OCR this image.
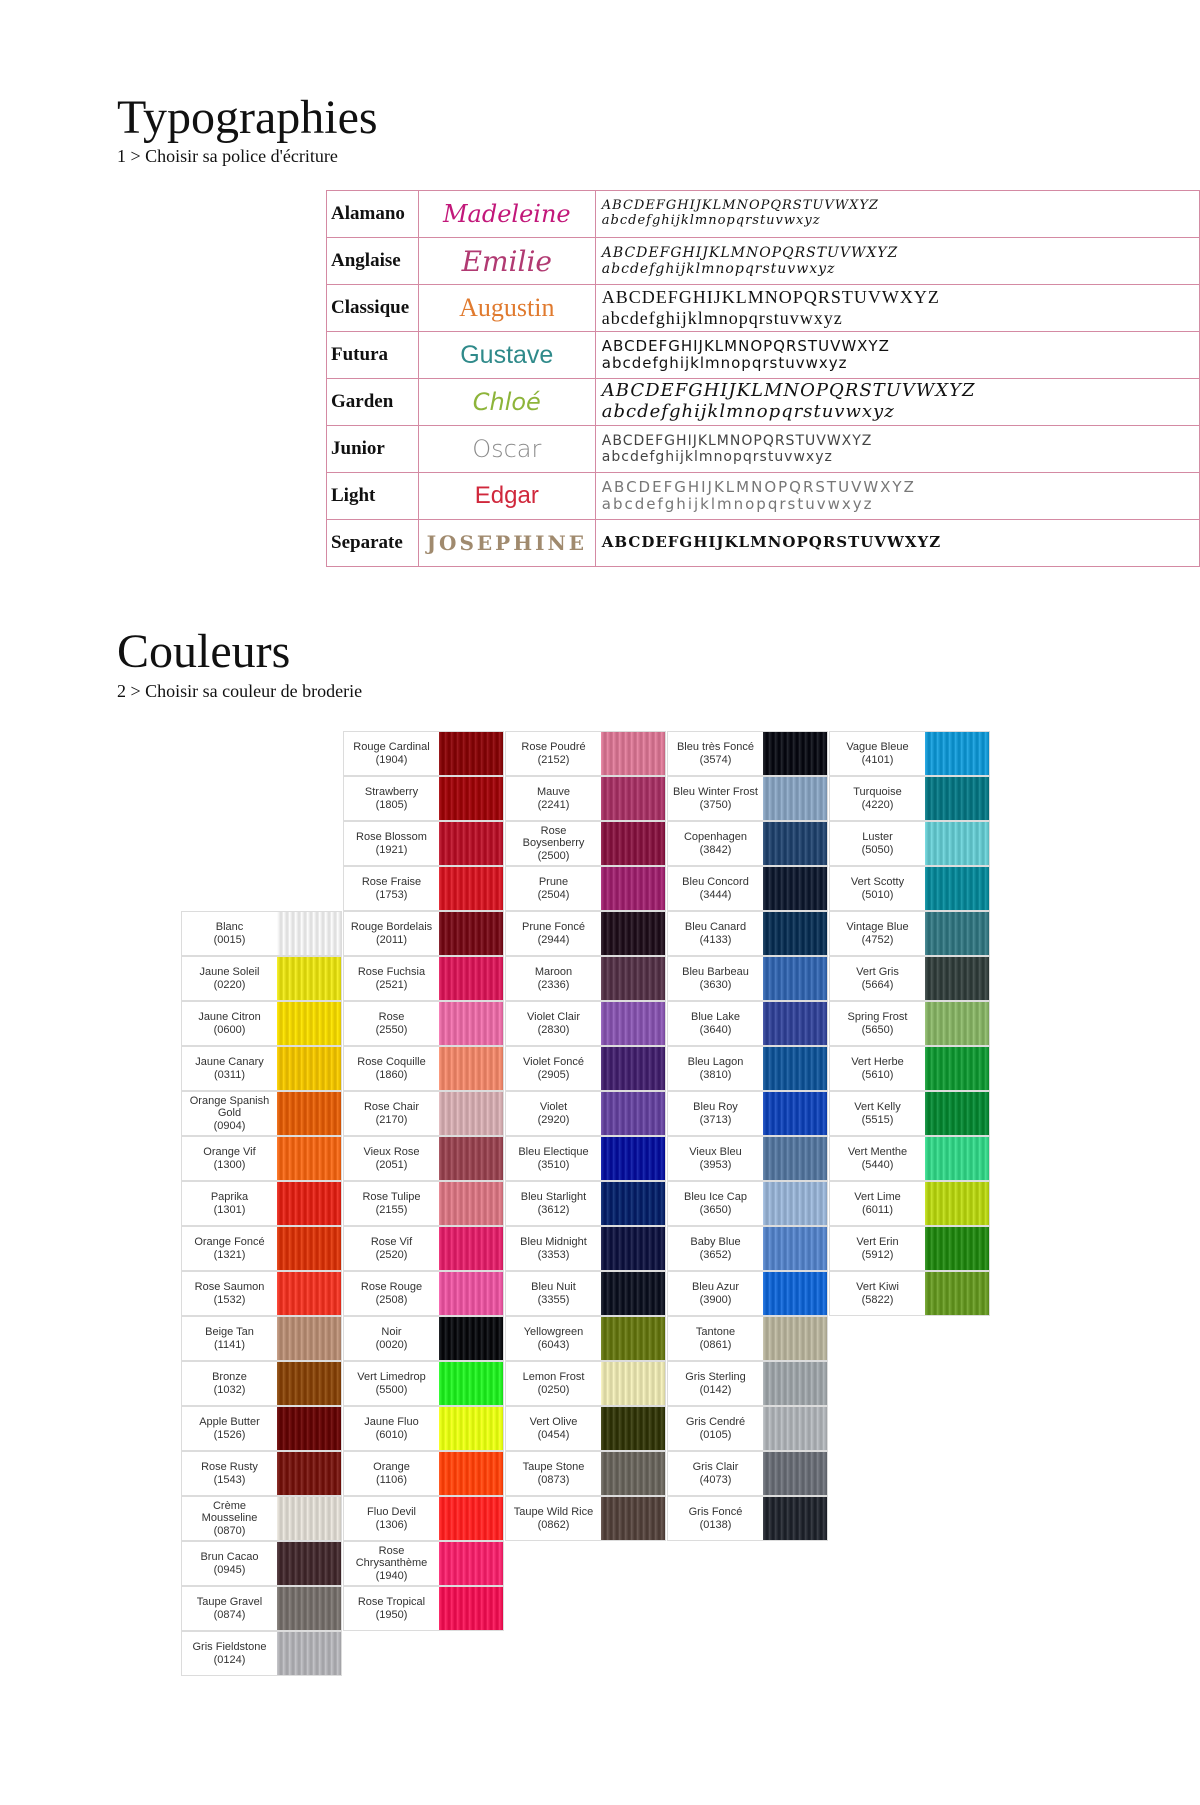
Typographies
1 > Choisir sa police d'écriture
Alamano	Madeleine	ABCDEFGHIJKLMNOPQRSTUVWXYZ
abcdefghijklmnopqrstuvwxyz

Anglaise	Emilie	ABCDEFGHIJKLMNOPQRSTUVWXYZ
abcdefghijklmnopqrstuvwxyz

Classique	Augustin	ABCDEFGHIJKLMNOPQRSTUVWXYZ
abcdefghijklmnopqrstuvwxyz

Futura	Gustave	ABCDEFGHIJKLMNOPQRSTUVWXYZ
abcdefghijklmnopqrstuvwxyz

Garden	Chloé	ABCDEFGHIJKLMNOPQRSTUVWXYZ
abcdefghijklmnopqrstuvwxyz

Junior	Oscar	ABCDEFGHIJKLMNOPQRSTUVWXYZ
abcdefghijklmnopqrstuvwxyz

Light	Edgar	ABCDEFGHIJKLMNOPQRSTUVWXYZ
abcdefghijklmnopqrstuvwxyz

Separate	JOSEPHINE	ABCDEFGHIJKLMNOPQRSTUVWXYZ
Couleurs
2 > Choisir sa couleur de broderie
Blanc
(0015)
Jaune Soleil
(0220)
Jaune Citron
(0600)
Jaune Canary
(0311)
Orange Spanish Gold
(0904)
Orange Vif
(1300)
Paprika
(1301)
Orange Foncé
(1321)
Rose Saumon
(1532)
Beige Tan
(1141)
Bronze
(1032)
Apple Butter
(1526)
Rose Rusty
(1543)
Crème Mousseline
(0870)
Brun Cacao
(0945)
Taupe Gravel
(0874)
Gris Fieldstone
(0124)
Rouge Cardinal
(1904)
Strawberry
(1805)
Rose Blossom
(1921)
Rose Fraise
(1753)
Rouge Bordelais
(2011)
Rose Fuchsia
(2521)
Rose
(2550)
Rose Coquille
(1860)
Rose Chair
(2170)
Vieux Rose
(2051)
Rose Tulipe
(2155)
Rose Vif
(2520)
Rose Rouge
(2508)
Noir
(0020)
Vert Limedrop
(5500)
Jaune Fluo
(6010)
Orange
(1106)
Fluo Devil
(1306)
Rose Chrysanthème
(1940)
Rose Tropical
(1950)
Rose Poudré
(2152)
Mauve
(2241)
Rose Boysenberry
(2500)
Prune
(2504)
Prune Foncé
(2944)
Maroon
(2336)
Violet Clair
(2830)
Violet Foncé
(2905)
Violet
(2920)
Bleu Electique
(3510)
Bleu Starlight
(3612)
Bleu Midnight
(3353)
Bleu Nuit
(3355)
Yellowgreen
(6043)
Lemon Frost
(0250)
Vert Olive
(0454)
Taupe Stone
(0873)
Taupe Wild Rice
(0862)
Bleu très Foncé
(3574)
Bleu Winter Frost
(3750)
Copenhagen
(3842)
Bleu Concord
(3444)
Bleu Canard
(4133)
Bleu Barbeau
(3630)
Blue Lake
(3640)
Bleu Lagon
(3810)
Bleu Roy
(3713)
Vieux Bleu
(3953)
Bleu Ice Cap
(3650)
Baby Blue
(3652)
Bleu Azur
(3900)
Tantone
(0861)
Gris Sterling
(0142)
Gris Cendré
(0105)
Gris Clair
(4073)
Gris Foncé
(0138)
Vague Bleue
(4101)
Turquoise
(4220)
Luster
(5050)
Vert Scotty
(5010)
Vintage Blue
(4752)
Vert Gris
(5664)
Spring Frost
(5650)
Vert Herbe
(5610)
Vert Kelly
(5515)
Vert Menthe
(5440)
Vert Lime
(6011)
Vert Erin
(5912)
Vert Kiwi
(5822)
